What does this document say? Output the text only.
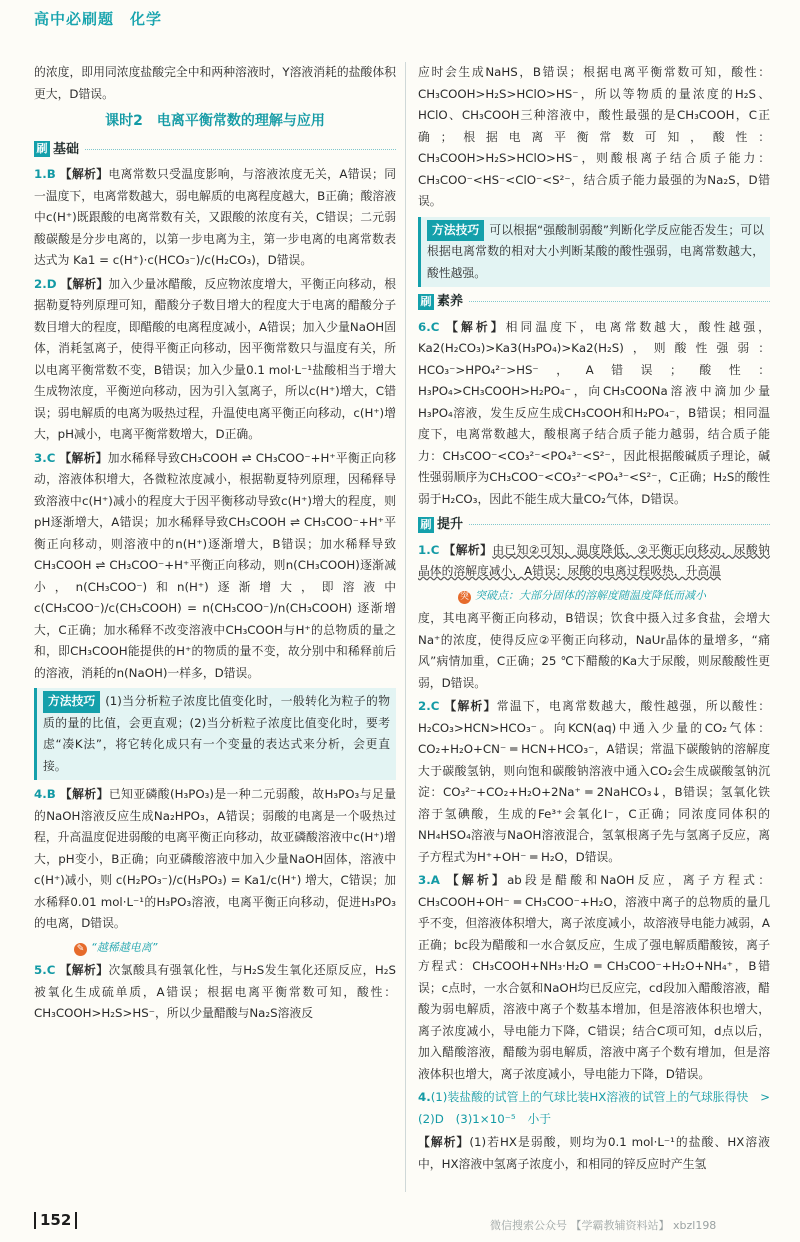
高中必刷题　化学

的浓度，即用同浓度盐酸完全中和两种溶液时，Y溶液消耗的盐酸体积更大，D错误。

课时2　电离平衡常数的理解与应用
刷 基础

1.B 【解析】电离常数只受温度影响，与溶液浓度无关，A错误；同一温度下，电离常数越大，弱电解质的电离程度越大，B正确；酸溶液中c(H⁺)既跟酸的电离常数有关，又跟酸的浓度有关，C错误；二元弱酸碳酸是分步电离的，以第一步电离为主，第一步电离的电离常数表达式为 Ka1 = c(H⁺)·c(HCO₃⁻)/c(H₂CO₃)，D错误。

2.D 【解析】加入少量冰醋酸，反应物浓度增大，平衡正向移动，根据勒夏特列原理可知，醋酸分子数目增大的程度大于电离的醋酸分子数目增大的程度，即醋酸的电离程度减小，A错误；加入少量NaOH固体，消耗氢离子，使得平衡正向移动，因平衡常数只与温度有关，所以电离平衡常数不变，B错误；加入少量0.1 mol·L⁻¹盐酸相当于增大生成物浓度，平衡逆向移动，因为引入氢离子，所以c(H⁺)增大，C错误；弱电解质的电离为吸热过程，升温使电离平衡正向移动，c(H⁺)增大，pH减小，电离平衡常数增大，D正确。

3.C 【解析】加水稀释导致CH₃COOH ⇌ CH₃COO⁻+H⁺平衡正向移动，溶液体积增大，各微粒浓度减小，根据勒夏特列原理，因稀释导致溶液中c(H⁺)减小的程度大于因平衡移动导致c(H⁺)增大的程度，则pH逐渐增大，A错误；加水稀释导致CH₃COOH ⇌ CH₃COO⁻+H⁺平衡正向移动，则溶液中的n(H⁺)逐渐增大，B错误；加水稀释导致CH₃COOH ⇌ CH₃COO⁻+H⁺平衡正向移动，则n(CH₃COOH)逐渐减小，n(CH₃COO⁻)和n(H⁺)逐渐增大，即溶液中 c(CH₃COO⁻)/c(CH₃COOH) = n(CH₃COO⁻)/n(CH₃COOH) 逐渐增大，C正确；加水稀释不改变溶液中CH₃COOH与H⁺的总物质的量之和，即CH₃COOH能提供的H⁺的物质的量不变，故分别中和稀释前后的溶液，消耗的n(NaOH)一样多，D错误。

方法技巧 (1)当分析粒子浓度比值变化时，一般转化为粒子的物质的量的比值，会更直观；(2)当分析粒子浓度比值变化时，要考虑“凑K法”，将它转化成只有一个变量的表达式来分析，会更直接。

4.B 【解析】已知亚磷酸(H₃PO₃)是一种二元弱酸，故H₃PO₃与足量的NaOH溶液反应生成Na₂HPO₃，A错误；弱酸的电离是一个吸热过程，升高温度促进弱酸的电离平衡正向移动，故亚磷酸溶液中c(H⁺)增大，pH变小，B正确；向亚磷酸溶液中加入少量NaOH固体，溶液中c(H⁺)减小，则 c(H₂PO₃⁻)/c(H₃PO₃) = Ka1/c(H⁺) 增大，C错误；加水稀释0.01 mol·L⁻¹的H₃PO₃溶液，电离平衡正向移动，促进H₃PO₃的电离，D错误。

✎ “越稀越电离”

5.C 【解析】次氯酸具有强氧化性，与H₂S发生氧化还原反应，H₂S被氧化生成硫单质，A错误；根据电离平衡常数可知，酸性：CH₃COOH>H₂S>HS⁻，所以少量醋酸与Na₂S溶液反

应时会生成NaHS，B错误；根据电离平衡常数可知，酸性：CH₃COOH>H₂S>HClO>HS⁻，所以等物质的量浓度的H₂S、HClO、CH₃COOH三种溶液中，酸性最强的是CH₃COOH，C正确；根据电离平衡常数可知，酸性：CH₃COOH>H₂S>HClO>HS⁻，则酸根离子结合质子能力：CH₃COO⁻<HS⁻<ClO⁻<S²⁻，结合质子能力最强的为Na₂S，D错误。

方法技巧 可以根据“强酸制弱酸”判断化学反应能否发生；可以根据电离常数的相对大小判断某酸的酸性强弱，电离常数越大，酸性越强。
刷 素养

6.C 【解析】相同温度下，电离常数越大，酸性越强，Ka2(H₂CO₃)>Ka3(H₃PO₄)>Ka2(H₂S)，则酸性强弱：HCO₃⁻>HPO₄²⁻>HS⁻，A错误；酸性：H₃PO₄>CH₃COOH>H₂PO₄⁻，向CH₃COONa溶液中滴加少量H₃PO₄溶液，发生反应生成CH₃COOH和H₂PO₄⁻，B错误；相同温度下，电离常数越大，酸根离子结合质子能力越弱，结合质子能力：CH₃COO⁻<CO₃²⁻<PO₄³⁻<S²⁻，因此根据酸碱质子理论，碱性强弱顺序为CH₃COO⁻<CO₃²⁻<PO₄³⁻<S²⁻，C正确；H₂S的酸性弱于H₂CO₃，因此不能生成大量CO₂气体，D错误。

刷 提升

1.C 【解析】由已知②可知，温度降低，②平衡正向移动，尿酸钠晶体的溶解度减小，A错误；尿酸的电离过程吸热，升高温

突 突破点：大部分固体的溶解度随温度降低而减小

度，其电离平衡正向移动，B错误；饮食中摄入过多食盐，会增大Na⁺的浓度，使得反应②平衡正向移动，NaUr晶体的量增多，“痛风”病情加重，C正确；25 ℃下醋酸的Ka大于尿酸，则尿酸酸性更弱，D错误。

2.C 【解析】常温下，电离常数越大，酸性越强，所以酸性：H₂CO₃>HCN>HCO₃⁻。向KCN(aq)中通入少量的CO₂气体：CO₂+H₂O+CN⁻ ═ HCN+HCO₃⁻，A错误；常温下碳酸钠的溶解度大于碳酸氢钠，则向饱和碳酸钠溶液中通入CO₂会生成碳酸氢钠沉淀：CO₃²⁻+CO₂+H₂O+2Na⁺ ═ 2NaHCO₃↓，B错误；氢氧化铁溶于氢碘酸，生成的Fe³⁺会氧化I⁻，C正确；同浓度同体积的NH₄HSO₄溶液与NaOH溶液混合，氢氧根离子先与氢离子反应，离子方程式为H⁺+OH⁻ ═ H₂O，D错误。

3.A 【解析】ab段是醋酸和NaOH反应，离子方程式：CH₃COOH+OH⁻ ═ CH₃COO⁻+H₂O，溶液中离子的总物质的量几乎不变，但溶液体积增大，离子浓度减小，故溶液导电能力减弱，A正确；bc段为醋酸和一水合氨反应，生成了强电解质醋酸铵，离子方程式：CH₃COOH+NH₃·H₂O ═ CH₃COO⁻+H₂O+NH₄⁺，B错误；c点时，一水合氨和NaOH均已反应完，cd段加入醋酸溶液，醋酸为弱电解质，溶液中离子个数基本增加，但是溶液体积也增大，离子浓度减小，导电能力下降，C错误；结合C项可知，d点以后，加入醋酸溶液，醋酸为弱电解质，溶液中离子个数有增加，但是溶液体积也增大，离子浓度减小，导电能力下降，D错误。

4.(1)装盐酸的试管上的气球比装HX溶液的试管上的气球胀得快　>　(2)D　(3)1×10⁻⁵　小于

【解析】(1)若HX是弱酸，则均为0.1 mol·L⁻¹的盐酸、HX溶液中，HX溶液中氢离子浓度小，和相同的锌反应时产生氢

152	微信搜索公众号 【学霸教辅资料站】 xbzl198
